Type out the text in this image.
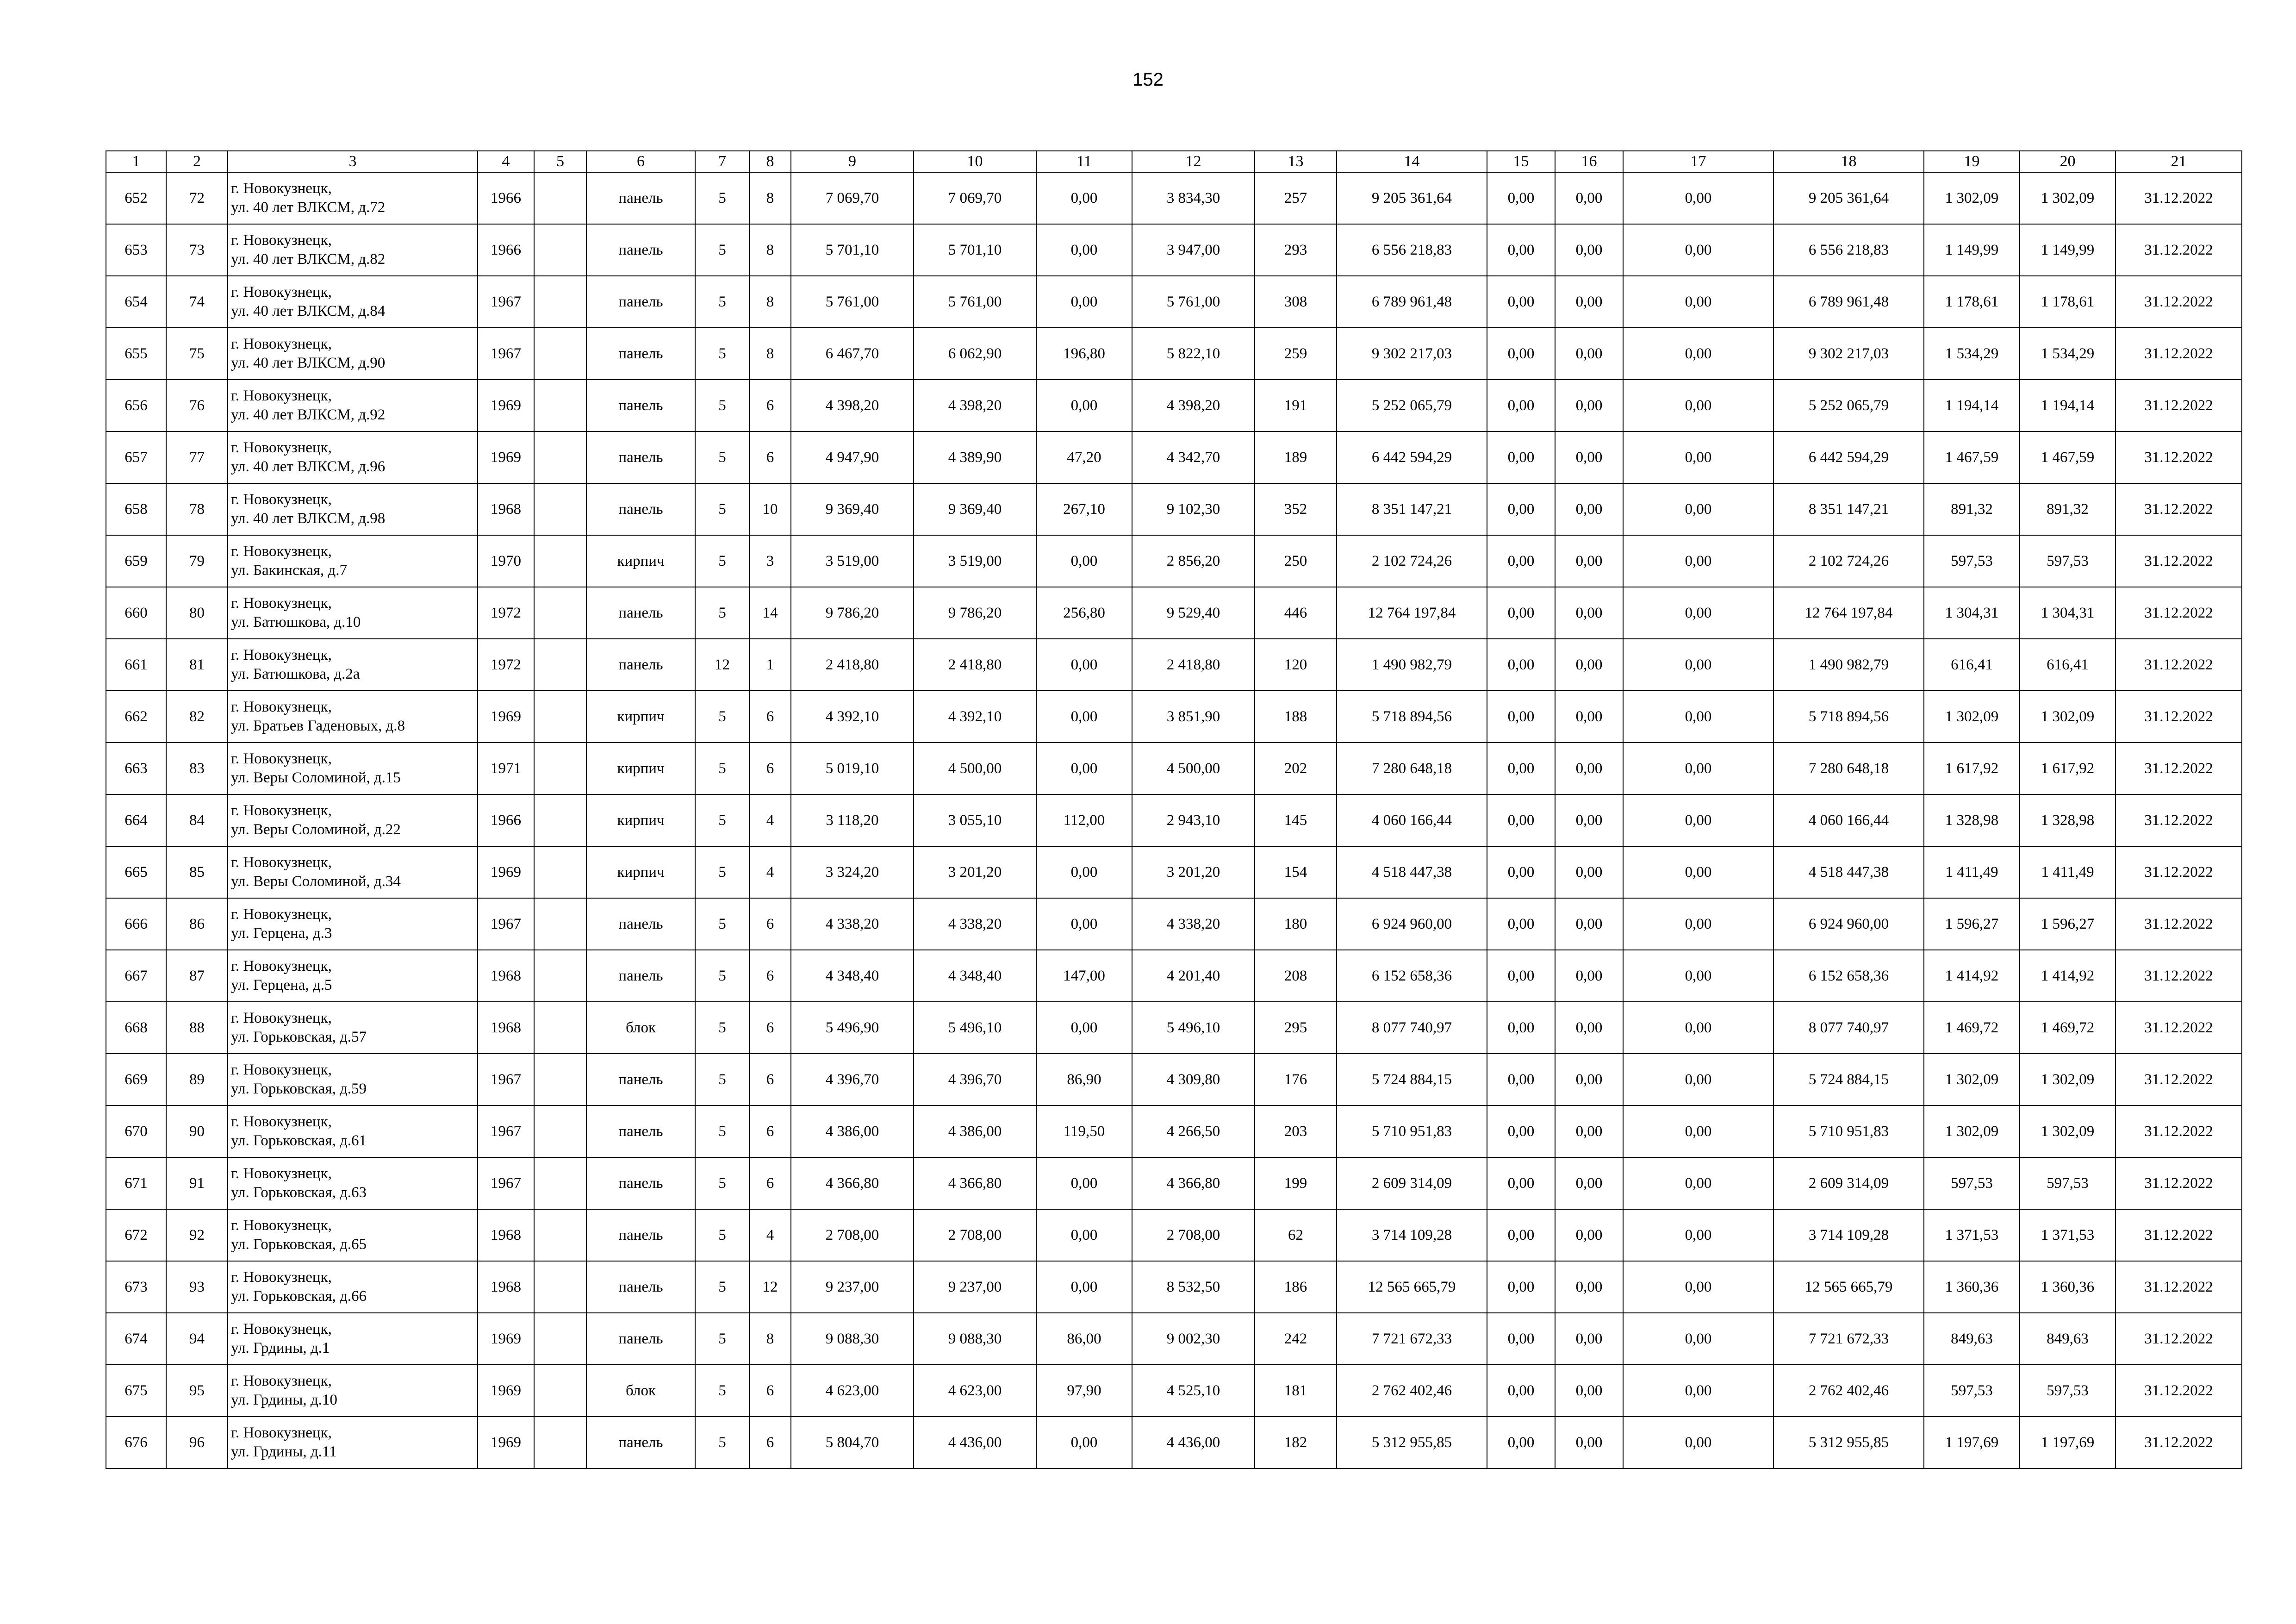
152
1	2	3	4	5	6	7	8	9	10	11	12	13	14	15	16	17	18	19	20	21
652	72	г. Новокузнецк,
ул. 40 лет ВЛКСМ, д.72	1966		панель	5	8	7 069,70	7 069,70	0,00	3 834,30	257	9 205 361,64	0,00	0,00	0,00	9 205 361,64	1 302,09	1 302,09	31.12.2022
653	73	г. Новокузнецк,
ул. 40 лет ВЛКСМ, д.82	1966		панель	5	8	5 701,10	5 701,10	0,00	3 947,00	293	6 556 218,83	0,00	0,00	0,00	6 556 218,83	1 149,99	1 149,99	31.12.2022
654	74	г. Новокузнецк,
ул. 40 лет ВЛКСМ, д.84	1967		панель	5	8	5 761,00	5 761,00	0,00	5 761,00	308	6 789 961,48	0,00	0,00	0,00	6 789 961,48	1 178,61	1 178,61	31.12.2022
655	75	г. Новокузнецк,
ул. 40 лет ВЛКСМ, д.90	1967		панель	5	8	6 467,70	6 062,90	196,80	5 822,10	259	9 302 217,03	0,00	0,00	0,00	9 302 217,03	1 534,29	1 534,29	31.12.2022
656	76	г. Новокузнецк,
ул. 40 лет ВЛКСМ, д.92	1969		панель	5	6	4 398,20	4 398,20	0,00	4 398,20	191	5 252 065,79	0,00	0,00	0,00	5 252 065,79	1 194,14	1 194,14	31.12.2022
657	77	г. Новокузнецк,
ул. 40 лет ВЛКСМ, д.96	1969		панель	5	6	4 947,90	4 389,90	47,20	4 342,70	189	6 442 594,29	0,00	0,00	0,00	6 442 594,29	1 467,59	1 467,59	31.12.2022
658	78	г. Новокузнецк,
ул. 40 лет ВЛКСМ, д.98	1968		панель	5	10	9 369,40	9 369,40	267,10	9 102,30	352	8 351 147,21	0,00	0,00	0,00	8 351 147,21	891,32	891,32	31.12.2022
659	79	г. Новокузнецк,
ул. Бакинская, д.7	1970		кирпич	5	3	3 519,00	3 519,00	0,00	2 856,20	250	2 102 724,26	0,00	0,00	0,00	2 102 724,26	597,53	597,53	31.12.2022
660	80	г. Новокузнецк,
ул. Батюшкова, д.10	1972		панель	5	14	9 786,20	9 786,20	256,80	9 529,40	446	12 764 197,84	0,00	0,00	0,00	12 764 197,84	1 304,31	1 304,31	31.12.2022
661	81	г. Новокузнецк,
ул. Батюшкова, д.2а	1972		панель	12	1	2 418,80	2 418,80	0,00	2 418,80	120	1 490 982,79	0,00	0,00	0,00	1 490 982,79	616,41	616,41	31.12.2022
662	82	г. Новокузнецк,
ул. Братьев Гаденовых, д.8	1969		кирпич	5	6	4 392,10	4 392,10	0,00	3 851,90	188	5 718 894,56	0,00	0,00	0,00	5 718 894,56	1 302,09	1 302,09	31.12.2022
663	83	г. Новокузнецк,
ул. Веры Соломиной, д.15	1971		кирпич	5	6	5 019,10	4 500,00	0,00	4 500,00	202	7 280 648,18	0,00	0,00	0,00	7 280 648,18	1 617,92	1 617,92	31.12.2022
664	84	г. Новокузнецк,
ул. Веры Соломиной, д.22	1966		кирпич	5	4	3 118,20	3 055,10	112,00	2 943,10	145	4 060 166,44	0,00	0,00	0,00	4 060 166,44	1 328,98	1 328,98	31.12.2022
665	85	г. Новокузнецк,
ул. Веры Соломиной, д.34	1969		кирпич	5	4	3 324,20	3 201,20	0,00	3 201,20	154	4 518 447,38	0,00	0,00	0,00	4 518 447,38	1 411,49	1 411,49	31.12.2022
666	86	г. Новокузнецк,
ул. Герцена, д.3	1967		панель	5	6	4 338,20	4 338,20	0,00	4 338,20	180	6 924 960,00	0,00	0,00	0,00	6 924 960,00	1 596,27	1 596,27	31.12.2022
667	87	г. Новокузнецк,
ул. Герцена, д.5	1968		панель	5	6	4 348,40	4 348,40	147,00	4 201,40	208	6 152 658,36	0,00	0,00	0,00	6 152 658,36	1 414,92	1 414,92	31.12.2022
668	88	г. Новокузнецк,
ул. Горьковская, д.57	1968		блок	5	6	5 496,90	5 496,10	0,00	5 496,10	295	8 077 740,97	0,00	0,00	0,00	8 077 740,97	1 469,72	1 469,72	31.12.2022
669	89	г. Новокузнецк,
ул. Горьковская, д.59	1967		панель	5	6	4 396,70	4 396,70	86,90	4 309,80	176	5 724 884,15	0,00	0,00	0,00	5 724 884,15	1 302,09	1 302,09	31.12.2022
670	90	г. Новокузнецк,
ул. Горьковская, д.61	1967		панель	5	6	4 386,00	4 386,00	119,50	4 266,50	203	5 710 951,83	0,00	0,00	0,00	5 710 951,83	1 302,09	1 302,09	31.12.2022
671	91	г. Новокузнецк,
ул. Горьковская, д.63	1967		панель	5	6	4 366,80	4 366,80	0,00	4 366,80	199	2 609 314,09	0,00	0,00	0,00	2 609 314,09	597,53	597,53	31.12.2022
672	92	г. Новокузнецк,
ул. Горьковская, д.65	1968		панель	5	4	2 708,00	2 708,00	0,00	2 708,00	62	3 714 109,28	0,00	0,00	0,00	3 714 109,28	1 371,53	1 371,53	31.12.2022
673	93	г. Новокузнецк,
ул. Горьковская, д.66	1968		панель	5	12	9 237,00	9 237,00	0,00	8 532,50	186	12 565 665,79	0,00	0,00	0,00	12 565 665,79	1 360,36	1 360,36	31.12.2022
674	94	г. Новокузнецк,
ул. Грдины, д.1	1969		панель	5	8	9 088,30	9 088,30	86,00	9 002,30	242	7 721 672,33	0,00	0,00	0,00	7 721 672,33	849,63	849,63	31.12.2022
675	95	г. Новокузнецк,
ул. Грдины, д.10	1969		блок	5	6	4 623,00	4 623,00	97,90	4 525,10	181	2 762 402,46	0,00	0,00	0,00	2 762 402,46	597,53	597,53	31.12.2022
676	96	г. Новокузнецк,
ул. Грдины, д.11	1969		панель	5	6	5 804,70	4 436,00	0,00	4 436,00	182	5 312 955,85	0,00	0,00	0,00	5 312 955,85	1 197,69	1 197,69	31.12.2022
